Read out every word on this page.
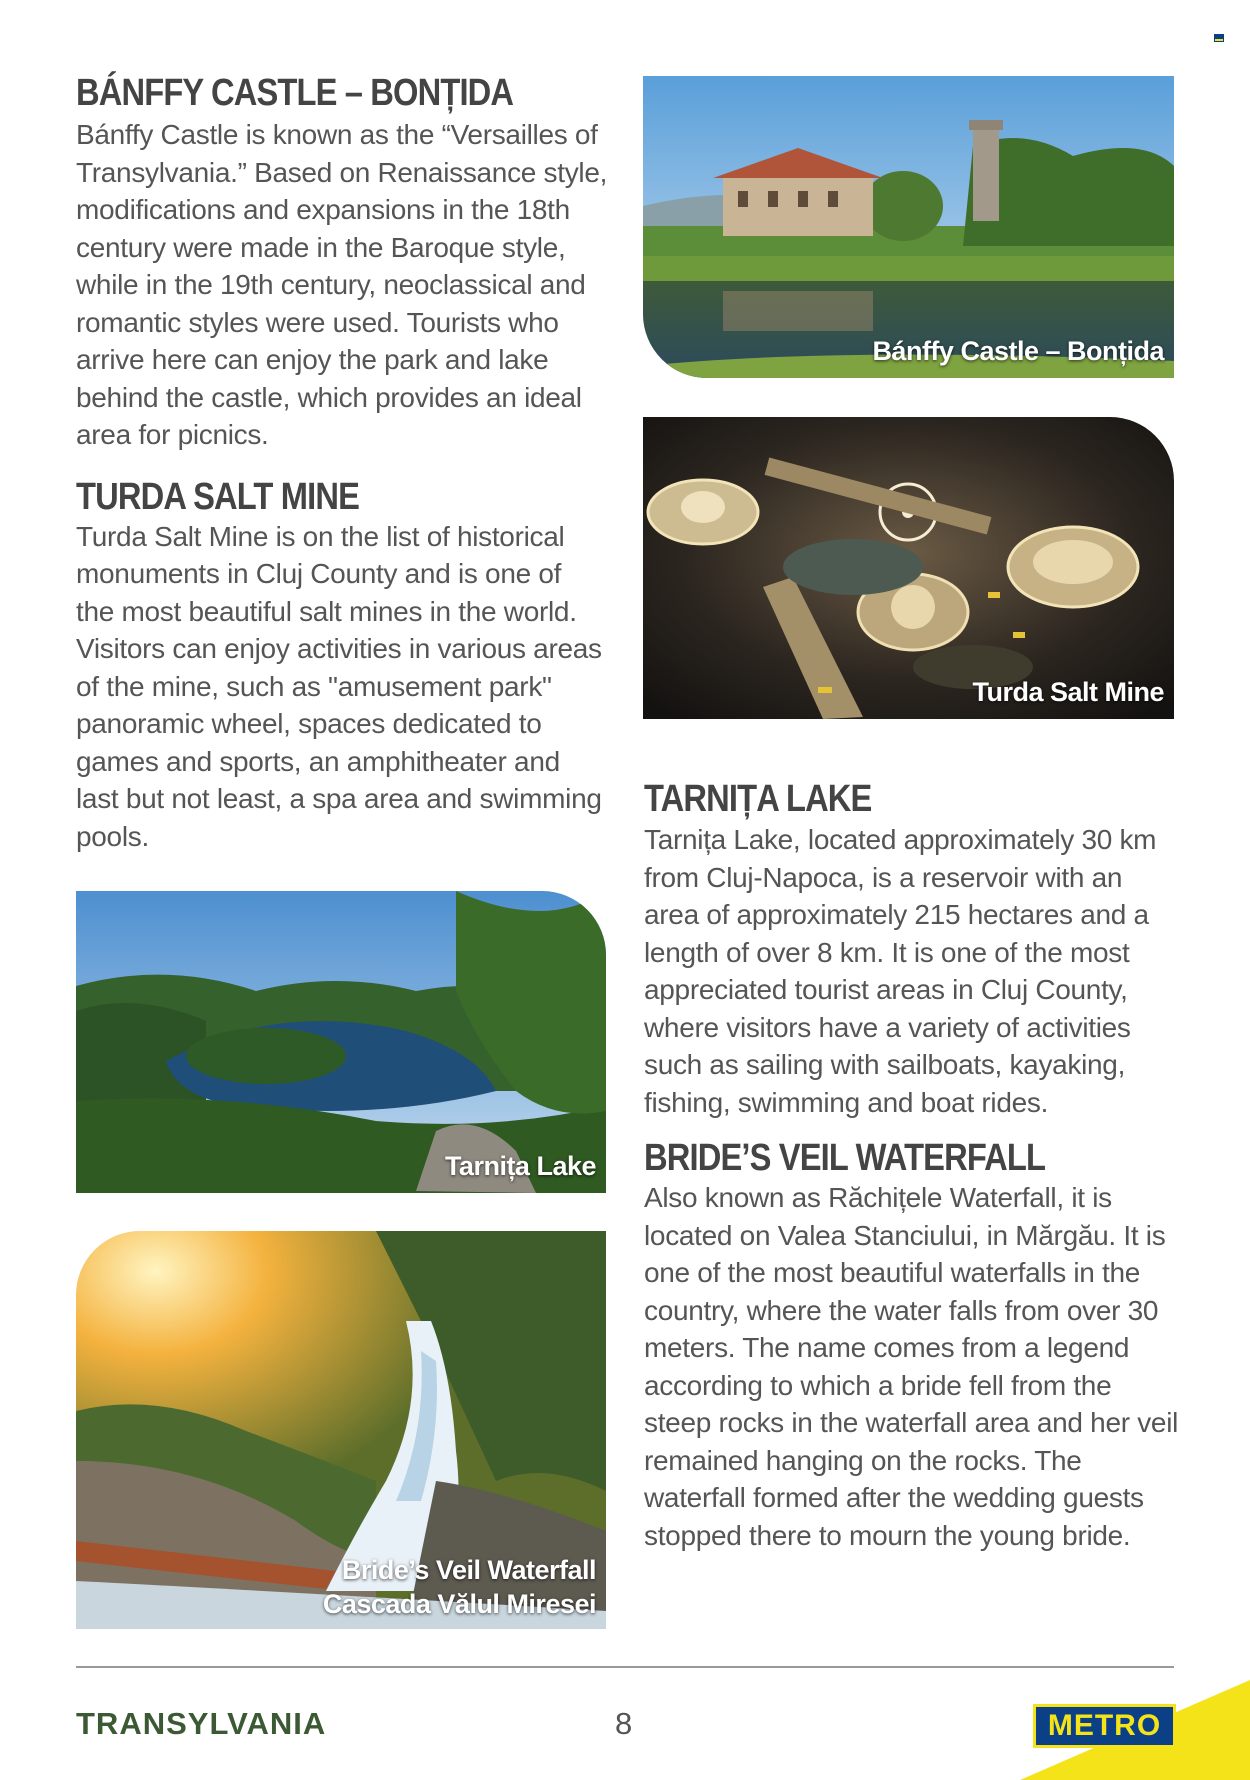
BÁNFFY CASTLE – BONȚIDA

Bánffy Castle is known as the “Versailles of Transylvania.” Based on Renaissance style, modifications and expansions in the 18th century were made in the Baroque style, while in the 19th century, neoclassical and romantic styles were used. Tourists who arrive here can enjoy the park and lake behind the castle, which provides an ideal area for picnics.

TURDA SALT MINE

Turda Salt Mine is on the list of historical monuments in Cluj County and is one of the most beautiful salt mines in the world. Visitors can enjoy activities in various areas of the mine, such as "amusement park" panoramic wheel, spaces dedicated to games and sports, an amphitheater and last but not least, a spa area and swimming pools.

Bánffy Castle – Bonțida
Turda Salt Mine
TARNIȚA LAKE

Tarnița Lake, located approximately 30 km from Cluj-Napoca, is a reservoir with an area of approximately 215 hectares and a length of over 8 km. It is one of the most appreciated tourist areas in Cluj County, where visitors have a variety of activities such as sailing with sailboats, kayaking, fishing, swimming and boat rides.

BRIDE’S VEIL WATERFALL

Also known as Răchițele Waterfall, it is located on Valea Stanciului, in Mărgău. It is one of the most beautiful waterfalls in the country, where the water falls from over 30 meters. The name comes from a legend according to which a bride fell from the steep rocks in the waterfall area and her veil remained hanging on the rocks. The waterfall formed after the wedding guests stopped there to mourn the young bride.

Tarnița Lake
Bride’s Veil Waterfall
Cascada Vălul Miresei
TRANSYLVANIA	8	METRO
